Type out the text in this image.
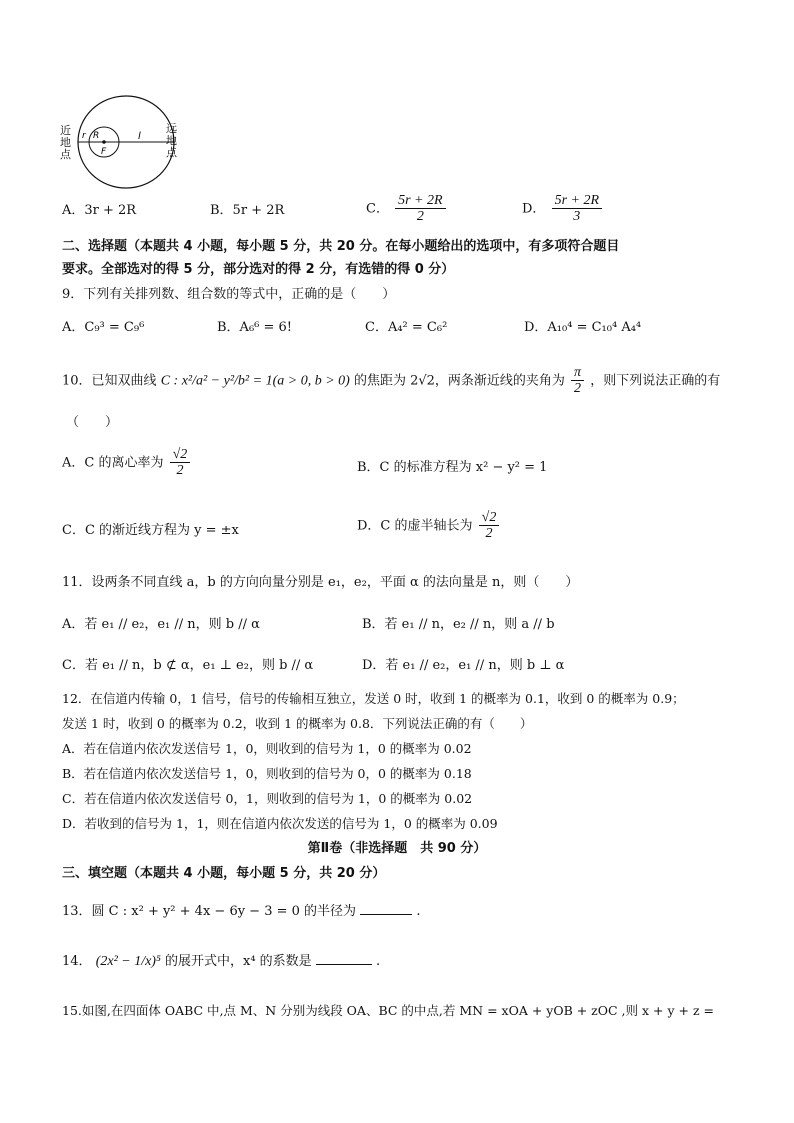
r R
F
l
近
地
点
远
地
点
A．3r + 2R	B．5r + 2R	C． $\frac{5r + 2R}{2}$	D． $\frac{5r + 2R}{3}$
二、选择题（本题共 4 小题，每小题 5 分，共 20 分。在每小题给出的选项中，有多项符合题目
要求。全部选对的得 5 分，部分选对的得 2 分，有选错的得 0 分）
9．下列有关排列数、组合数的等式中，正确的是（　　）
A．C₉³ = C₉⁶	B．A₆⁶ = 6!	C．A₄² = C₆²	D．A₁₀⁴ = C₁₀⁴ A₄⁴
10．已知双曲线 C : x²/a² − y²/b² = 1(a > 0, b > 0) 的焦距为 2√2，两条渐近线的夹角为 $\frac{\pi}{2}$ ，则下列说法正确的有
（　　）
A．C 的离心率为 $\frac{√2}{2}$	B．C 的标准方程为 x² − y² = 1
C．C 的渐近线方程为 y = ±x	D．C 的虚半轴长为 $\frac{√2}{2}$
11．设两条不同直线 a，b 的方向向量分别是 e₁，e₂，平面 α 的法向量是 n，则（　　）
A．若 e₁ // e₂，e₁ // n，则 b // α	B．若 e₁ // n，e₂ // n，则 a // b
C．若 e₁ // n，b ⊄ α，e₁ ⊥ e₂，则 b // α	D．若 e₁ // e₂，e₁ // n，则 b ⊥ α
12．在信道内传输 0，1 信号，信号的传输相互独立，发送 0 时，收到 1 的概率为 0.1，收到 0 的概率为 0.9；
发送 1 时，收到 0 的概率为 0.2，收到 1 的概率为 0.8．下列说法正确的有（　　）
A．若在信道内依次发送信号 1，0，则收到的信号为 1，0 的概率为 0.02
B．若在信道内依次发送信号 1，0，则收到的信号为 0，0 的概率为 0.18
C．若在信道内依次发送信号 0，1，则收到的信号为 1，0 的概率为 0.02
D．若收到的信号为 1，1，则在信道内依次发送的信号为 1，0 的概率为 0.09
第Ⅱ卷（非选择题　共 90 分）
三、填空题（本题共 4 小题，每小题 5 分，共 20 分）
13．圆 C : x² + y² + 4x − 6y − 3 = 0 的半径为	.
14． (2x² − 1/x)⁵ 的展开式中，x⁴ 的系数是	.
15.如图,在四面体 OABC 中,点 M、N 分别为线段 OA、BC 的中点,若 MN = xOA + yOB + zOC ,则 x + y + z =
